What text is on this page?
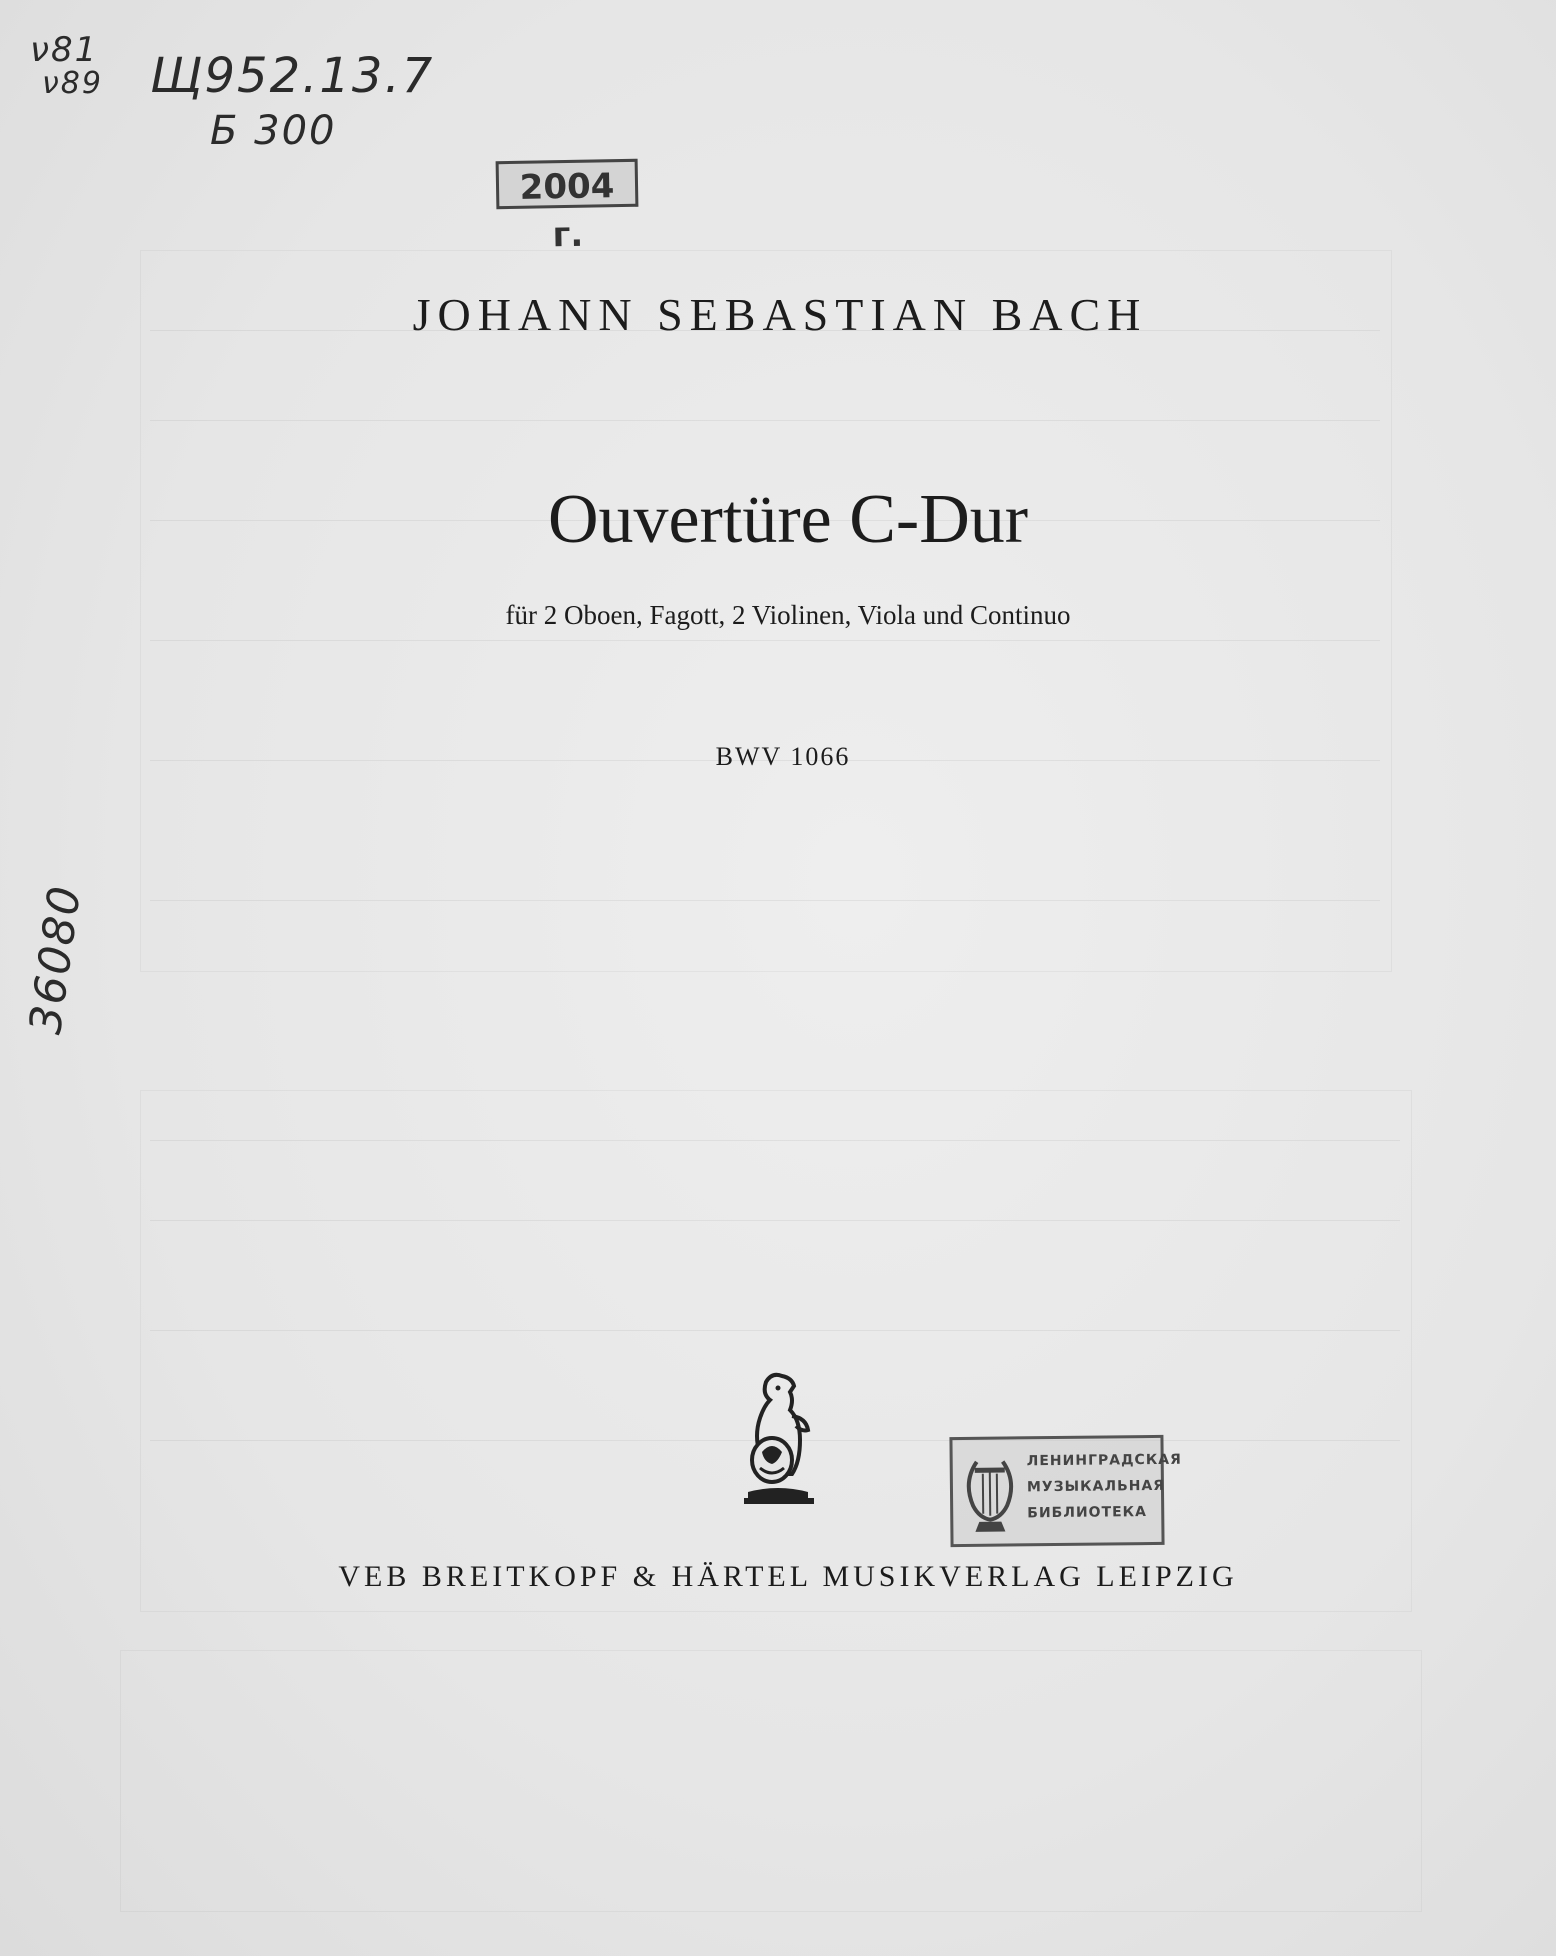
ν81
ν89 Щ952.13.7
Б 300
36080
2004 г.
JOHANN SEBASTIAN BACH
Ouvertüre C-Dur
für 2 Oboen, Fagott, 2 Violinen, Viola und Continuo
BWV 1066
ЛЕНИНГРАДСКАЯ
МУЗЫКАЛЬНАЯ
БИБЛИОТЕКА
VEB BREITKOPF & HÄRTEL MUSIKVERLAG LEIPZIG
